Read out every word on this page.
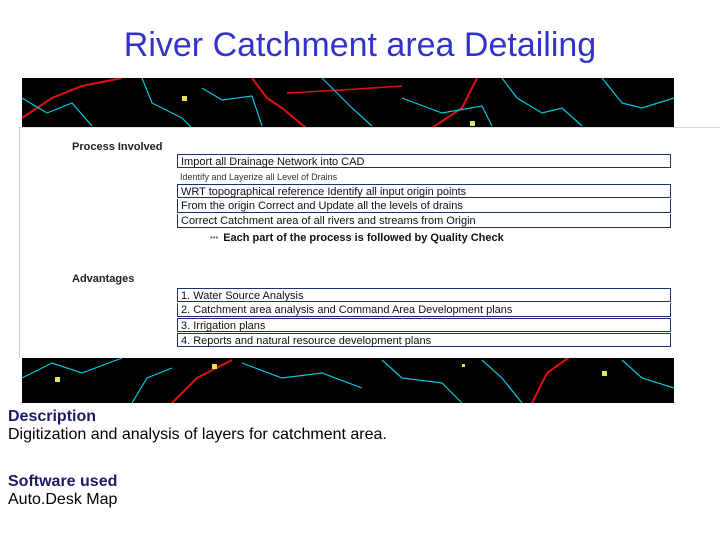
River Catchment area Detailing
Process Involved
Import all Drainage Network into CAD
Identify and Layerize all Level of Drains
WRT topographical reference Identify all input origin points
From the origin Correct and Update all the levels of drains
Correct Catchment area of all rivers and streams from Origin
*** Each part of the process is followed by Quality Check
Advantages
1. Water Source Analysis
2. Catchment area analysis and Command Area Development plans
3. Irrigation plans
4. Reports and natural resource development plans
Description
Digitization and analysis of layers for catchment area.
Software used
Auto.Desk Map
